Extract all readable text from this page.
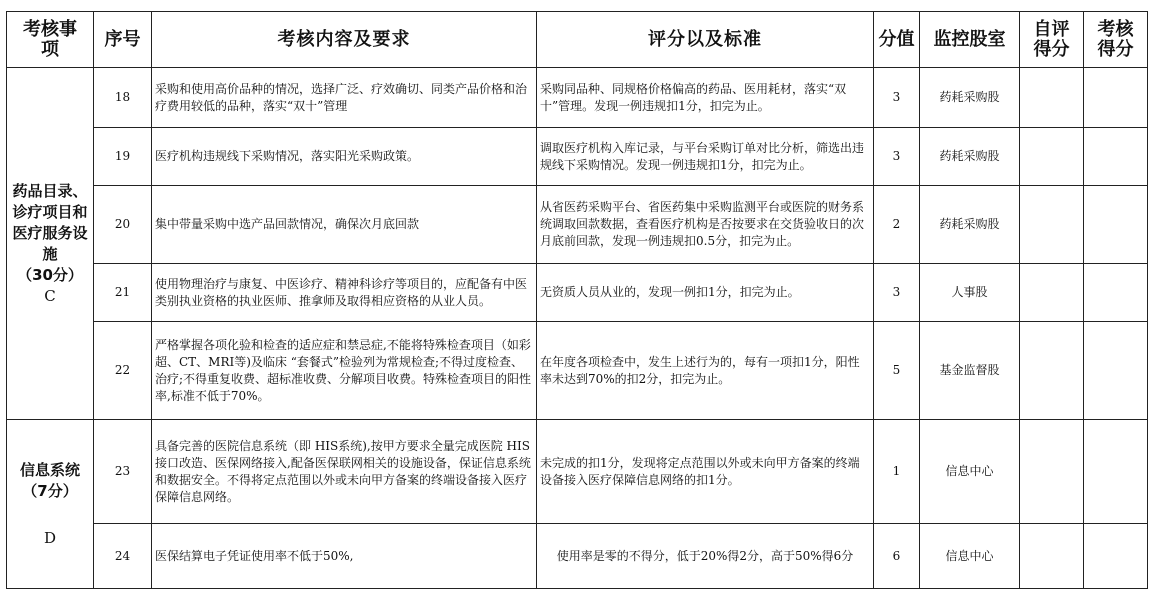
考核事项	序号	考核内容及要求	评分以及标准	分值	监控股室	自评得分	考核得分
药品目录、诊疗项目和医疗服务设施
（30分）
C	18	采购和使用高价品种的情况，选择广泛、疗效确切、同类产品价格和治疗费用较低的品种，落实“双十”管理	采购同品种、同规格价格偏高的药品、医用耗材，落实“双十”管理。发现一例违规扣1分，扣完为止。	3	药耗采购股		
	19	医疗机构违规线下采购情况，落实阳光采购政策。	调取医疗机构入库记录，与平台采购订单对比分析，筛选出违规线下采购情况。发现一例违规扣1分，扣完为止。	3	药耗采购股		
	20	集中带量采购中选产品回款情况，确保次月底回款	从省医药采购平台、省医药集中采购监测平台或医院的财务系统调取回款数据，查看医疗机构是否按要求在交货验收日的次月底前回款，发现一例违规扣0.5分，扣完为止。	2	药耗采购股		
	21	使用物理治疗与康复、中医诊疗、精神科诊疗等项目的，应配备有中医类别执业资格的执业医师、推拿师及取得相应资格的从业人员。	无资质人员从业的，发现一例扣1分，扣完为止。	3	人事股		
	22	严格掌握各项化验和检查的适应症和禁忌症,不能将特殊检查项目（如彩超、CT、MRI等)及临床 “套餐式”检验列为常规检查;不得过度检查、治疗;不得重复收费、超标准收费、分解项目收费。特殊检查项目的阳性率,标准不低于70%。	在年度各项检查中，发生上述行为的，每有一项扣1分，阳性率未达到70%的扣2分，扣完为止。	5	基金监督股		
信息系统
（7分）
D	23	具备完善的医院信息系统（即 HIS系统),按甲方要求全量完成医院 HIS接口改造、医保网络接入,配备医保联网相关的设施设备，保证信息系统和数据安全。不得将定点范围以外或未向甲方备案的终端设备接入医疗保障信息网络。	未完成的扣1分，发现将定点范围以外或未向甲方备案的终端设备接入医疗保障信息网络的扣1分。	1	信息中心		
	24	医保结算电子凭证使用率不低于50%,	使用率是零的不得分，低于20%得2分，高于50%得6分	6	信息中心		
